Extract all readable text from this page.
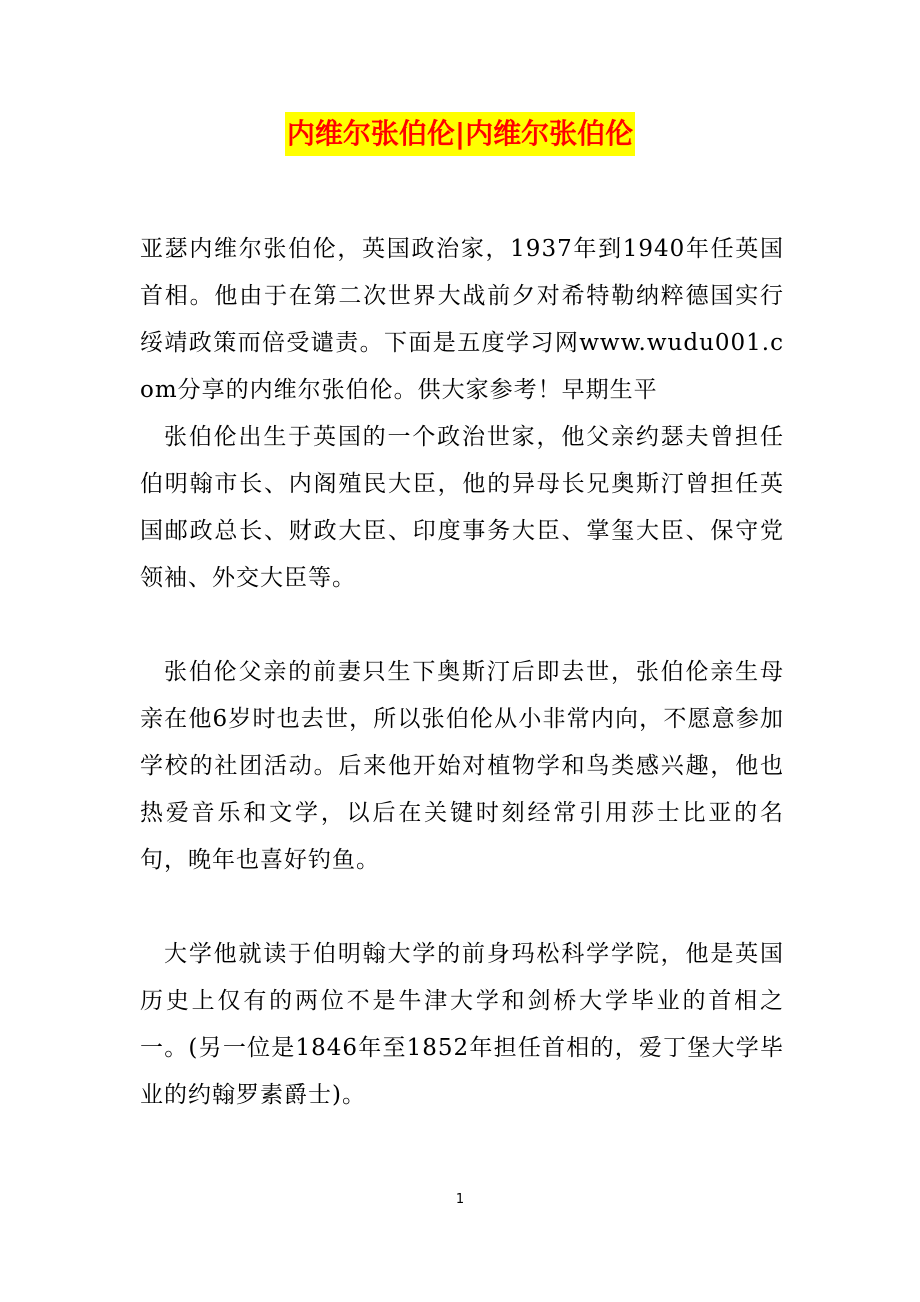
内维尔张伯伦|内维尔张伯伦

亚瑟内维尔张伯伦，英国政治家，1937年到1940年任英国首相。他由于在第二次世界大战前夕对希特勒纳粹德国实行绥靖政策而倍受谴责。下面是五度学习网www.wudu001.com分享的内维尔张伯伦。供大家参考！早期生平

张伯伦出生于英国的一个政治世家，他父亲约瑟夫曾担任伯明翰市长、内阁殖民大臣，他的异母长兄奥斯汀曾担任英国邮政总长、财政大臣、印度事务大臣、掌玺大臣、保守党领袖、外交大臣等。

张伯伦父亲的前妻只生下奥斯汀后即去世，张伯伦亲生母亲在他6岁时也去世，所以张伯伦从小非常内向，不愿意参加学校的社团活动。后来他开始对植物学和鸟类感兴趣，他也热爱音乐和文学，以后在关键时刻经常引用莎士比亚的名句，晚年也喜好钓鱼。

大学他就读于伯明翰大学的前身玛松科学学院，他是英国历史上仅有的两位不是牛津大学和剑桥大学毕业的首相之一。(另一位是1846年至1852年担任首相的，爱丁堡大学毕业的约翰罗素爵士)。

1
